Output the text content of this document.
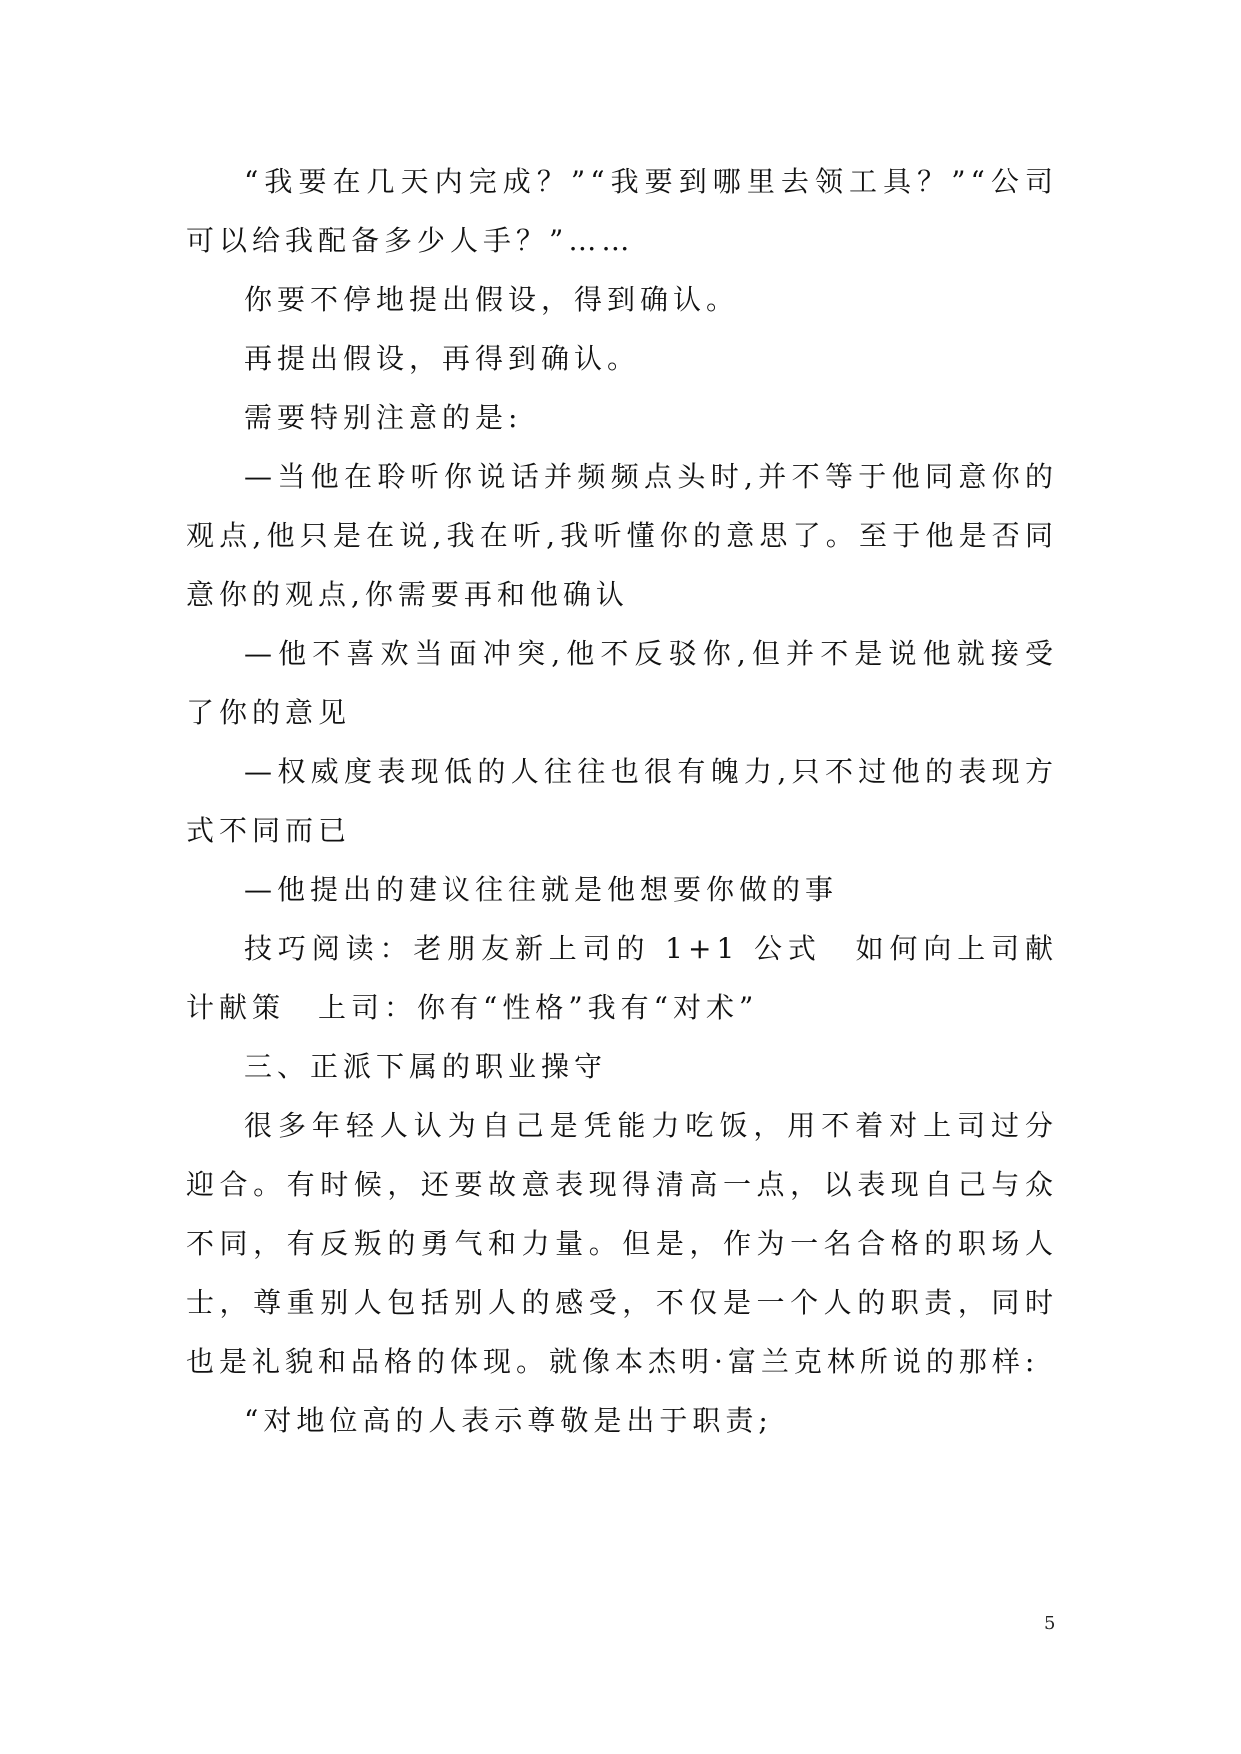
“我要在几天内完成？”“我要到哪里去领工具？”“公司可以给我配备多少人手？”……

你要不停地提出假设，得到确认。

再提出假设，再得到确认。

需要特别注意的是:

—当他在聆听你说话并频频点头时,并不等于他同意你的观点,他只是在说,我在听,我听懂你的意思了。至于他是否同意你的观点,你需要再和他确认

—他不喜欢当面冲突,他不反驳你,但并不是说他就接受了你的意见

—权威度表现低的人往往也很有魄力,只不过他的表现方式不同而已

—他提出的建议往往就是他想要你做的事

技巧阅读：老朋友新上司的 1+1 公式　如何向上司献计献策　上司：你有“性格”我有“对术”

三、正派下属的职业操守

很多年轻人认为自己是凭能力吃饭，用不着对上司过分迎合。有时候，还要故意表现得清高一点，以表现自己与众不同，有反叛的勇气和力量。但是，作为一名合格的职场人士，尊重别人包括别人的感受，不仅是一个人的职责，同时也是礼貌和品格的体现。就像本杰明·富兰克林所说的那样:

“对地位高的人表示尊敬是出于职责;

5
